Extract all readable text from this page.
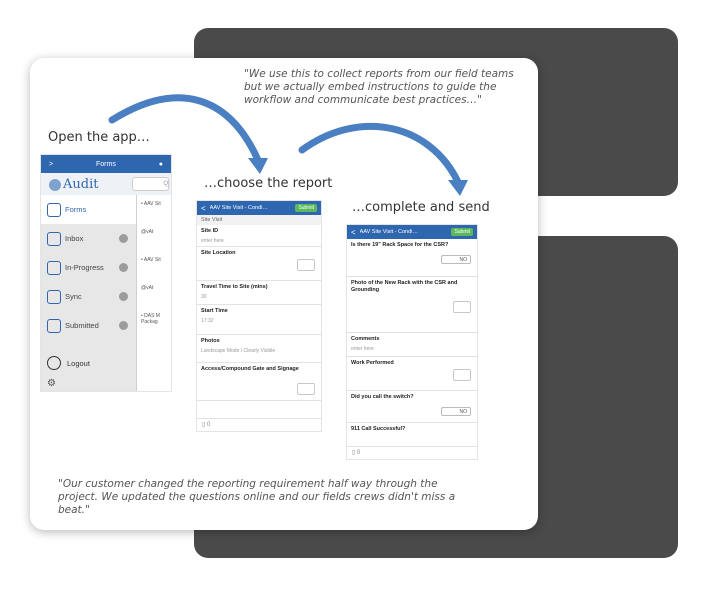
"We use this to collect reports from our field teams but we actually embed instructions to guide the workflow and communicate best practices…"

Open the app…
…choose the report
…complete and send
>	Forms	●
Audit	Q
Forms
Inbox
In-Progress
Sync
Submitted
Logout
⚙
• AAV Sit
@vAt
• AAV Sit
@vAt
• DAS M Packag
< AAV Site Visit - Condi…	Submit
Site Visit
Site ID
enter here
Site Location
Travel Time to Site (mins)
30
Start Time
17:32
Photos
Landscape Mode / Clearly Visible
Access/Compound Gate and Signage
▯ 0
< AAV Site Visit - Condi…	Submit
Is there 19" Rack Space for the CSR?
NO
Photo of the New Rack with the CSR and Grounding
Comments
enter here
Work Performed
Did you call the switch?
NO
911 Call Successful?
▯ 0

"Our customer changed the reporting requirement half way through the project. We updated the questions online and our fields crews didn't miss a beat."
